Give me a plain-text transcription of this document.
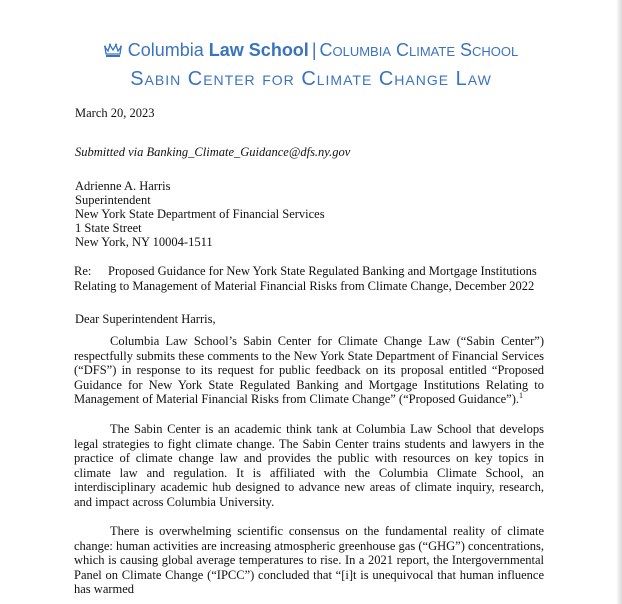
Columbia Law School | Columbia Climate School
Sabin Center for Climate Change Law
March 20, 2023
Submitted via Banking_Climate_Guidance@dfs.ny.gov
Adrienne A. Harris
Superintendent
New York State Department of Financial Services
1 State Street
New York, NY 10004-1511
Re: Proposed Guidance for New York State Regulated Banking and Mortgage Institutions
Relating to Management of Material Financial Risks from Climate Change, December 2022
Dear Superintendent Harris,
Columbia Law School’s Sabin Center for Climate Change Law (“Sabin Center”) respectfully submits these comments to the New York State Department of Financial Services (“DFS”) in response to its request for public feedback on its proposal entitled “Proposed Guidance for New York State Regulated Banking and Mortgage Institutions Relating to Management of Material Financial Risks from Climate Change” (“Proposed Guidance”).$^1$
The Sabin Center is an academic think tank at Columbia Law School that develops legal strategies to fight climate change. The Sabin Center trains students and lawyers in the practice of climate change law and provides the public with resources on key topics in climate law and regulation. It is affiliated with the Columbia Climate School, an interdisciplinary academic hub designed to advance new areas of climate inquiry, research, and impact across Columbia University.
There is overwhelming scientific consensus on the fundamental reality of climate change: human activities are increasing atmospheric greenhouse gas (“GHG”) concentrations, which is causing global average temperatures to rise. In a 2021 report, the Intergovernmental Panel on Climate Change (“IPCC”) concluded that “[i]t is unequivocal that human influence has warmed
